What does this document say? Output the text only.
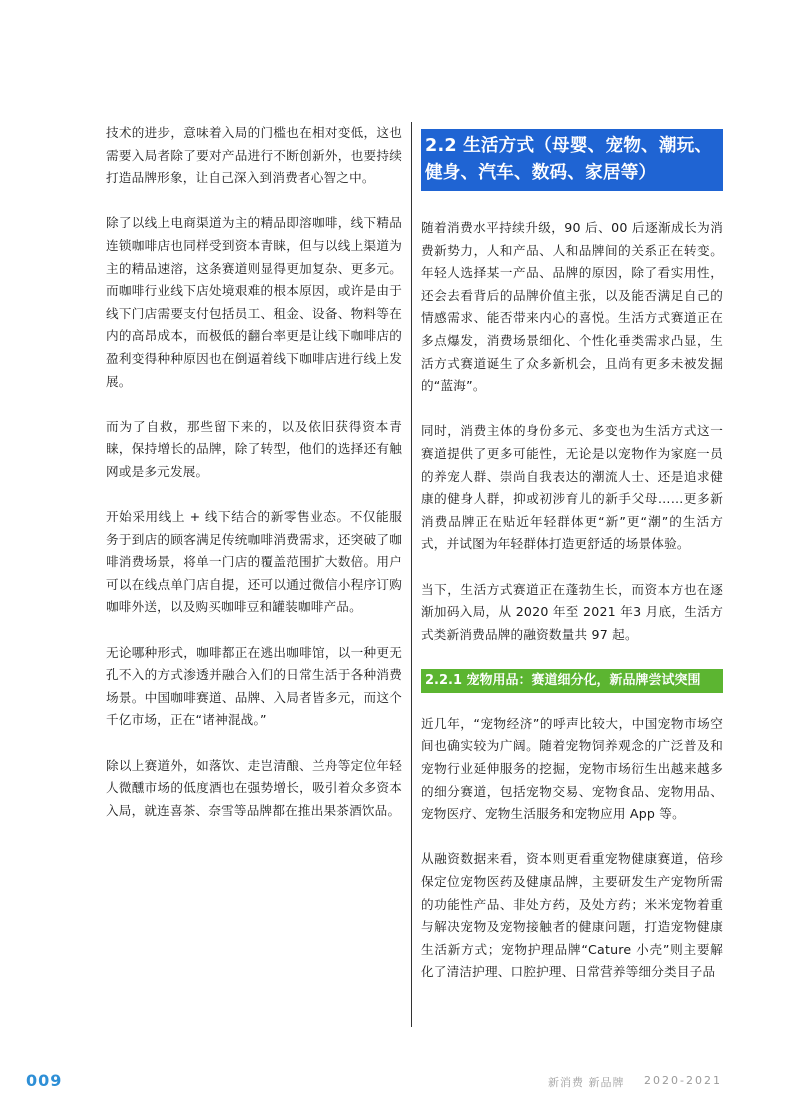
技术的进步，意味着入局的门槛也在相对变低，这也需要入局者除了要对产品进行不断创新外，也要持续打造品牌形象，让自己深入到消费者心智之中。

除了以线上电商渠道为主的精品即溶咖啡，线下精品连锁咖啡店也同样受到资本青睐，但与以线上渠道为主的精品速溶，这条赛道则显得更加复杂、更多元。而咖啡行业线下店处境艰难的根本原因，或许是由于线下门店需要支付包括员工、租金、设备、物料等在内的高昂成本，而极低的翻台率更是让线下咖啡店的盈利变得种种原因也在倒逼着线下咖啡店进行线上发展。

而为了自救，那些留下来的，以及依旧获得资本青睐，保持增长的品牌，除了转型，他们的选择还有触网或是多元发展。

开始采用线上 + 线下结合的新零售业态。不仅能服务于到店的顾客满足传统咖啡消费需求，还突破了咖啡消费场景，将单一门店的覆盖范围扩大数倍。用户可以在线点单门店自提，还可以通过微信小程序订购咖啡外送，以及购买咖啡豆和罐装咖啡产品。

无论哪种形式，咖啡都正在逃出咖啡馆，以一种更无孔不入的方式渗透并融合入们的日常生活于各种消费场景。中国咖啡赛道、品牌、入局者皆多元，而这个千亿市场，正在“诸神混战。”

除以上赛道外，如落饮、走岂清酿、兰舟等定位年轻人微醺市场的低度酒也在强势增长，吸引着众多资本入局，就连喜茶、奈雪等品牌都在推出果茶酒饮品。

2.2 生活方式（母婴、宠物、潮玩、健身、汽车、数码、家居等）

随着消费水平持续升级，90 后、00 后逐渐成长为消费新势力，人和产品、人和品牌间的关系正在转变。年轻人选择某一产品、品牌的原因，除了看实用性，还会去看背后的品牌价值主张，以及能否满足自己的情感需求、能否带来内心的喜悦。生活方式赛道正在多点爆发，消费场景细化、个性化垂类需求凸显，生活方式赛道诞生了众多新机会，且尚有更多未被发掘的“蓝海”。

同时，消费主体的身份多元、多变也为生活方式这一赛道提供了更多可能性，无论是以宠物作为家庭一员的养宠人群、崇尚自我表达的潮流人士、还是追求健康的健身人群，抑或初涉育儿的新手父母……更多新消费品牌正在贴近年轻群体更“新”更“潮”的生活方式，并试图为年轻群体打造更舒适的场景体验。

当下，生活方式赛道正在蓬勃生长，而资本方也在逐渐加码入局，从 2020 年至 2021 年3 月底，生活方式类新消费品牌的融资数量共 97 起。

2.2.1 宠物用品：赛道细分化，新品牌尝试突围

近几年，“宠物经济”的呼声比较大，中国宠物市场空间也确实较为广阔。随着宠物饲养观念的广泛普及和宠物行业延伸服务的挖掘，宠物市场衍生出越来越多的细分赛道，包括宠物交易、宠物食品、宠物用品、宠物医疗、宠物生活服务和宠物应用 App 等。

从融资数据来看，资本则更看重宠物健康赛道，倍珍保定位宠物医药及健康品牌，主要研发生产宠物所需的功能性产品、非处方药，及处方药；米米宠物着重与解决宠物及宠物接触者的健康问题，打造宠物健康生活新方式；宠物护理品牌“Cature 小壳”则主要解化了清洁护理、口腔护理、日常营养等细分类目子品

009	新消费 新品牌 2020-2021
